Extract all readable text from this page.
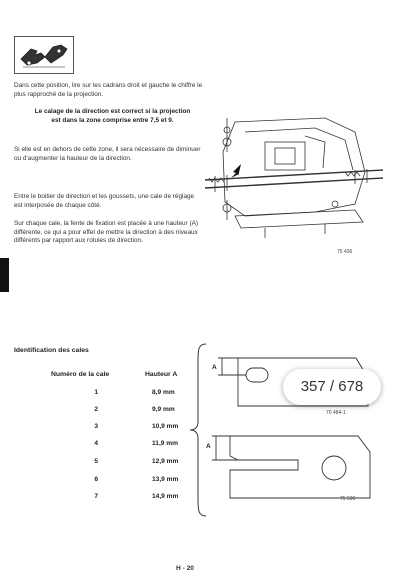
Dans cette position, lire sur les cadrans droit et gauche le chiffre le plus rapproché de la projection.
Le calage de la direction est correct si la projection est dans la zone comprise entre 7,5 et 9.
Si elle est en dehors de cette zone, il sera nécessaire de diminuer ou d'augmenter la hauteur de la direction.
Entre le boitier de direction et les goussets, une cale de réglage est interposée de chaque côté.
Sur chaque cale, la fente de fixation est placée à une hauteur (A) différente, ce qui a pour effet de mettre la direction à des niveaux différents par rapport aux rotules de direction.
75 436
Identification des cales
Numéro de la cale	Hauteur A
1	8,9 mm
2	9,9 mm
3	10,9 mm
4	11,9 mm
5	12,9 mm
6	13,9 mm
7	14,9 mm
A
A
70 484-1
75 536
357 / 678
H - 20
